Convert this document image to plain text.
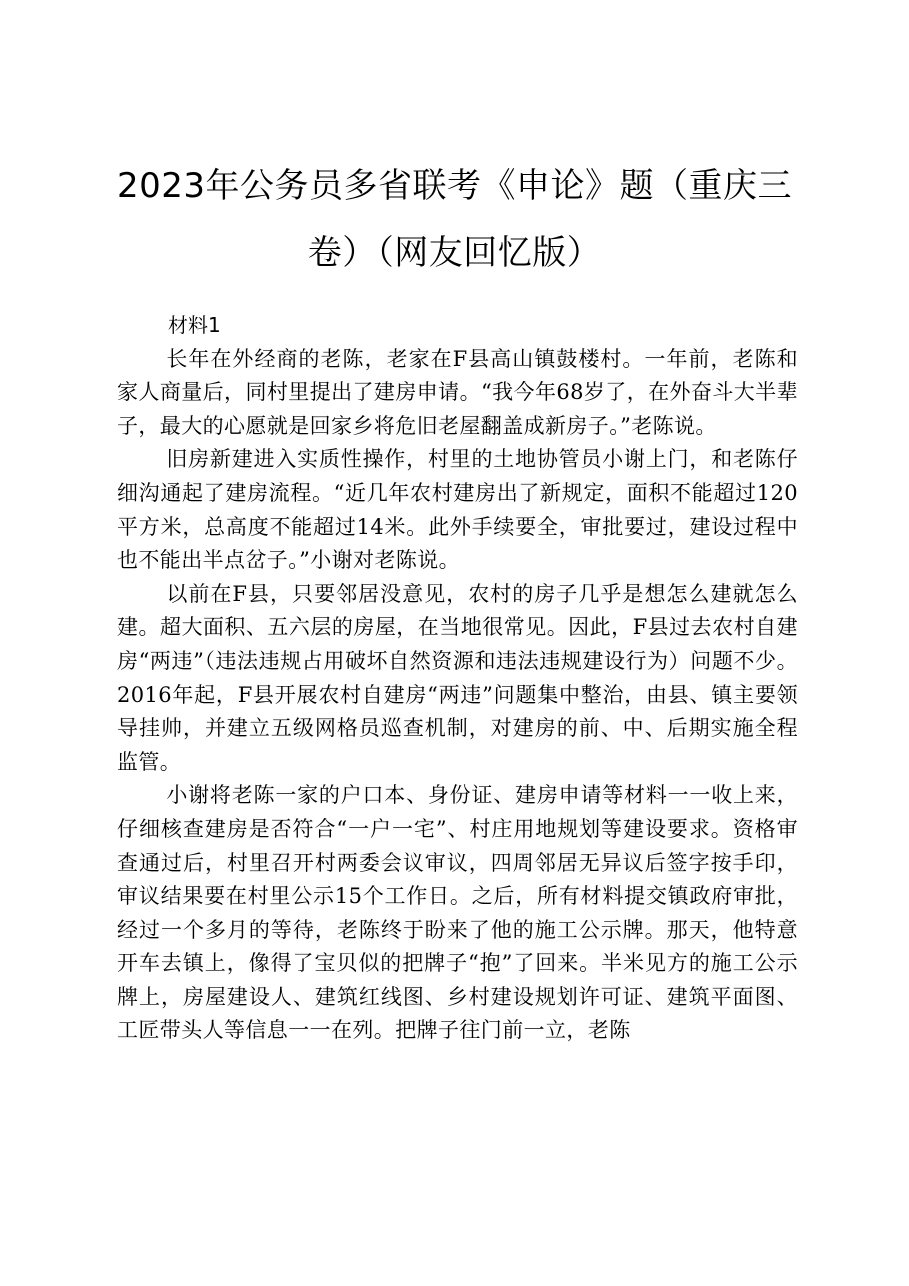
2023年公务员多省联考《申论》题（重庆三
卷）（网友回忆版）

材料1

长年在外经商的老陈，老家在F县高山镇鼓楼村。一年前，老陈和家人商量后，同村里提出了建房申请。“我今年68岁了，在外奋斗大半辈子，最大的心愿就是回家乡将危旧老屋翻盖成新房子。”老陈说。

旧房新建进入实质性操作，村里的土地协管员小谢上门，和老陈仔细沟通起了建房流程。“近几年农村建房出了新规定，面积不能超过120平方米，总高度不能超过14米。此外手续要全，审批要过，建设过程中也不能出半点岔子。”小谢对老陈说。

以前在F县，只要邻居没意见，农村的房子几乎是想怎么建就怎么建。超大面积、五六层的房屋，在当地很常见。因此，F县过去农村自建房“两违”（违法违规占用破坏自然资源和违法违规建设行为）问题不少。2016年起，F县开展农村自建房“两违”问题集中整治，由县、镇主要领导挂帅，并建立五级网格员巡查机制，对建房的前、中、后期实施全程监管。

小谢将老陈一家的户口本、身份证、建房申请等材料一一收上来，仔细核查建房是否符合“一户一宅”、村庄用地规划等建设要求。资格审查通过后，村里召开村两委会议审议，四周邻居无异议后签字按手印，审议结果要在村里公示15个工作日。之后，所有材料提交镇政府审批，经过一个多月的等待，老陈终于盼来了他的施工公示牌。那天，他特意开车去镇上，像得了宝贝似的把牌子“抱”了回来。半米见方的施工公示牌上，房屋建设人、建筑红线图、乡村建设规划许可证、建筑平面图、工匠带头人等信息一一在列。把牌子往门前一立，老陈
